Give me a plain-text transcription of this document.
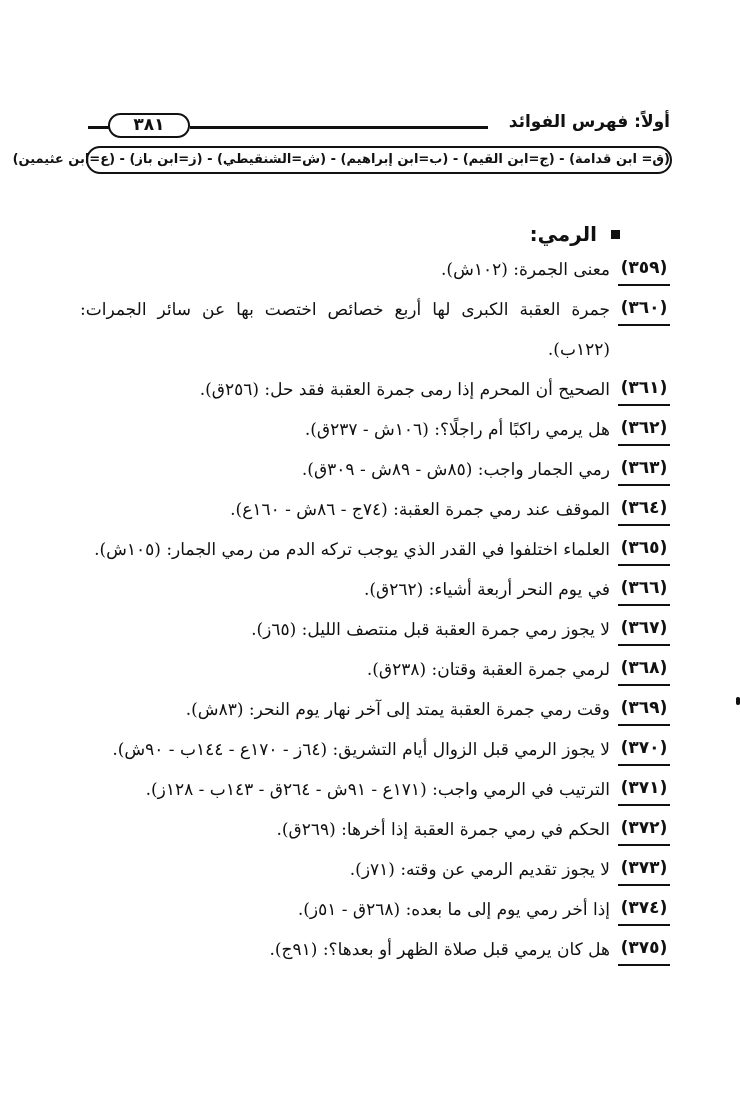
أولاً: فهرس الفوائد
٣٨١
(ق= ابن قدامة) - (ج=ابن القيم) - (ب=ابن إبراهيم) - (ش=الشنقيطي) - (ز=ابن باز) - (ع=ابن عثيمين)
الرمي:
(٣٥٩)
معنى الجمرة: (١٠٢ش).
(٣٦٠)
جمرة العقبة الكبرى لها أربع خصائص اختصت بها عن سائر الجمرات: (١٢٢ب).
(٣٦١)
الصحيح أن المحرم إذا رمى جمرة العقبة فقد حل: (٢٥٦ق).
(٣٦٢)
هل يرمي راكبًا أم راجلًا؟: (١٠٦ش - ٢٣٧ق).
(٣٦٣)
رمي الجمار واجب: (٨٥ش - ٨٩ش - ٣٠٩ق).
(٣٦٤)
الموقف عند رمي جمرة العقبة: (٧٤ج - ٨٦ش - ١٦٠ع).
(٣٦٥)
العلماء اختلفوا في القدر الذي يوجب تركه الدم من رمي الجمار: (١٠٥ش).
(٣٦٦)
في يوم النحر أربعة أشياء: (٢٦٢ق).
(٣٦٧)
لا يجوز رمي جمرة العقبة قبل منتصف الليل: (٦٥ز).
(٣٦٨)
لرمي جمرة العقبة وقتان: (٢٣٨ق).
(٣٦٩)
وقت رمي جمرة العقبة يمتد إلى آخر نهار يوم النحر: (٨٣ش).
(٣٧٠)
لا يجوز الرمي قبل الزوال أيام التشريق: (٦٤ز - ١٧٠ع - ١٤٤ب - ٩٠ش).
(٣٧١)
الترتيب في الرمي واجب: (١٧١ع - ٩١ش - ٢٦٤ق - ١٤٣ب - ١٢٨ز).
(٣٧٢)
الحكم في رمي جمرة العقبة إذا أخرها: (٢٦٩ق).
(٣٧٣)
لا يجوز تقديم الرمي عن وقته: (٧١ز).
(٣٧٤)
إذا أخر رمي يوم إلى ما بعده: (٢٦٨ق - ٥١ز).
(٣٧٥)
هل كان يرمي قبل صلاة الظهر أو بعدها؟: (٩١ج).
